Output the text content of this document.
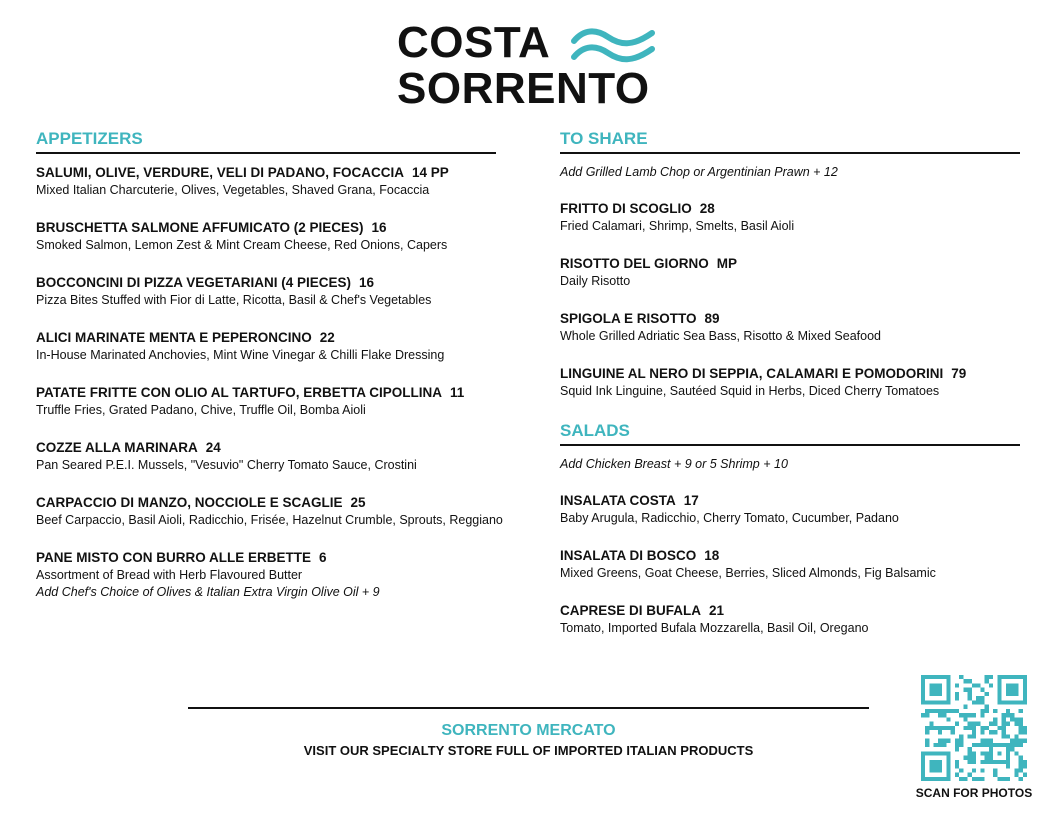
COSTA
SORRENTO
APPETIZERS
SALUMI, OLIVE, VERDURE, VELI DI PADANO, FOCACCIA 14 PP
Mixed Italian Charcuterie, Olives, Vegetables, Shaved Grana, Focaccia
BRUSCHETTA SALMONE AFFUMICATO (2 PIECES) 16
Smoked Salmon, Lemon Zest & Mint Cream Cheese, Red Onions, Capers
BOCCONCINI DI PIZZA VEGETARIANI (4 PIECES) 16
Pizza Bites Stuffed with Fior di Latte, Ricotta, Basil & Chef's Vegetables
ALICI MARINATE MENTA E PEPERONCINO 22
In-House Marinated Anchovies, Mint Wine Vinegar & Chilli Flake Dressing
PATATE FRITTE CON OLIO AL TARTUFO, ERBETTA CIPOLLINA 11
Truffle Fries, Grated Padano, Chive, Truffle Oil, Bomba Aioli
COZZE ALLA MARINARA 24
Pan Seared P.E.I. Mussels, "Vesuvio" Cherry Tomato Sauce, Crostini
CARPACCIO DI MANZO, NOCCIOLE E SCAGLIE 25
Beef Carpaccio, Basil Aioli, Radicchio, Frisée, Hazelnut Crumble, Sprouts, Reggiano
PANE MISTO CON BURRO ALLE ERBETTE 6
Assortment of Bread with Herb Flavoured Butter
Add Chef's Choice of Olives & Italian Extra Virgin Olive Oil + 9
TO SHARE
Add Grilled Lamb Chop or Argentinian Prawn + 12
FRITTO DI SCOGLIO 28
Fried Calamari, Shrimp, Smelts, Basil Aioli
RISOTTO DEL GIORNO MP
Daily Risotto
SPIGOLA E RISOTTO 89
Whole Grilled Adriatic Sea Bass, Risotto & Mixed Seafood
LINGUINE AL NERO DI SEPPIA, CALAMARI E POMODORINI 79
Squid Ink Linguine, Sautéed Squid in Herbs, Diced Cherry Tomatoes
SALADS
Add Chicken Breast + 9 or 5 Shrimp + 10
INSALATA COSTA 17
Baby Arugula, Radicchio, Cherry Tomato, Cucumber, Padano
INSALATA DI BOSCO 18
Mixed Greens, Goat Cheese, Berries, Sliced Almonds, Fig Balsamic
CAPRESE DI BUFALA 21
Tomato, Imported Bufala Mozzarella, Basil Oil, Oregano
SORRENTO MERCATO
VISIT OUR SPECIALTY STORE FULL OF IMPORTED ITALIAN PRODUCTS
SCAN FOR PHOTOS
